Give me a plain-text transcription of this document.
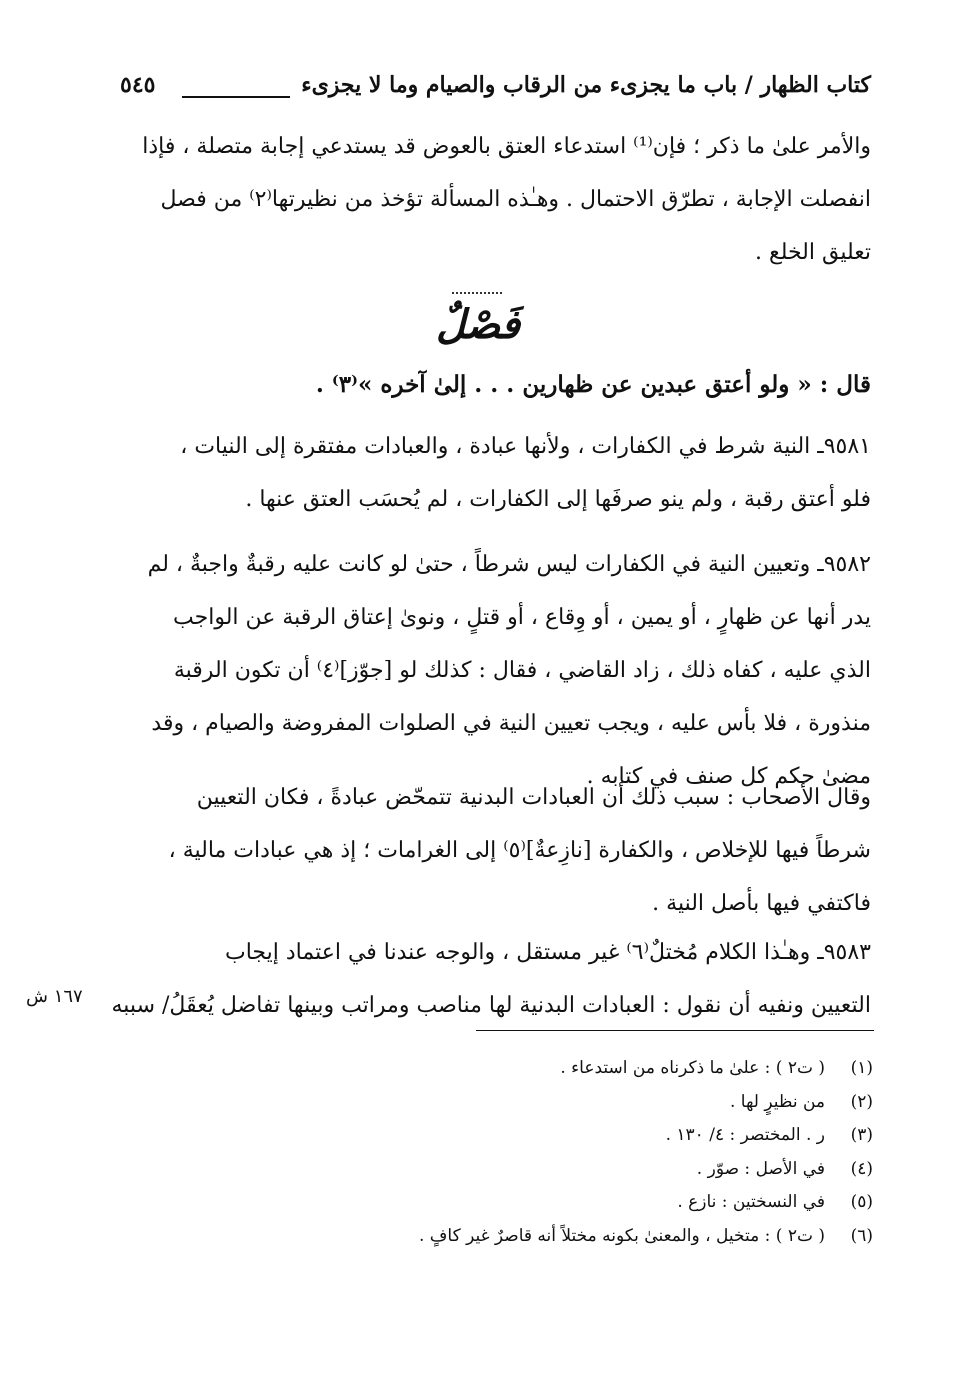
كتاب الظهار / باب ما يجزىء من الرقاب والصيام وما لا يجزىء
٥٤٥
والأمر علىٰ ما ذكر ؛ فإن⁽¹⁾ استدعاء العتق بالعوض قد يستدعي إجابة متصلة ، فإذا
انفصلت الإجابة ، تطرّق الاحتمال . وهـٰذه المسألة تؤخذ من نظيرتها⁽٢⁾ من فصل
تعليق الخلع .
فَصْلٌ
قال : « ولو أعتق عبدين عن ظهارين . . . إلىٰ آخره »⁽٣⁾ .
٩٥٨١ـ النية شرط في الكفارات ، ولأنها عبادة ، والعبادات مفتقرة إلى النيات ،
فلو أعتق رقبة ، ولم ينو صرفَها إلى الكفارات ، لم يُحسَب العتق عنها .
٩٥٨٢ـ وتعيين النية في الكفارات ليس شرطاً ، حتىٰ لو كانت عليه رقبةٌ واجبةٌ ، لم
يدر أنها عن ظهارٍ ، أو يمين ، أو وِقاع ، أو قتلٍ ، ونوىٰ إعتاق الرقبة عن الواجب
الذي عليه ، كفاه ذلك ، زاد القاضي ، فقال : كذلك لو [جوّز]⁽٤⁾ أن تكون الرقبة
منذورة ، فلا بأس عليه ، ويجب تعيين النية في الصلوات المفروضة والصيام ، وقد
مضىٰ حكم كل صنف في كتابه .
وقال الأصحاب : سبب ذلك أن العبادات البدنية تتمحّض عبادةً ، فكان التعيين
شرطاً فيها للإخلاص ، والكفارة [نازِعةٌ]⁽٥⁾ إلى الغرامات ؛ إذ هي عبادات مالية ،
فاكتفي فيها بأصل النية .
٩٥٨٣ـ وهـٰذا الكلام مُختلٌ⁽٦⁾ غير مستقل ، والوجه عندنا في اعتماد إيجاب
التعيين ونفيه أن نقول : العبادات البدنية لها مناصب ومراتب وبينها تفاضل يُعقَلُ/ سببه
١٦٧ ش
(١)
( ت٢ ) : علىٰ ما ذكرناه من استدعاء .
(٢)
من نظيرٍ لها .
(٣)
ر . المختصر : ٤/ ١٣٠ .
(٤)
في الأصل : صوّر .
(٥)
في النسختين : نازع .
(٦)
( ت٢ ) : متخيل ، والمعنىٰ بكونه مختلاً أنه قاصرٌ غير كافٍ .
